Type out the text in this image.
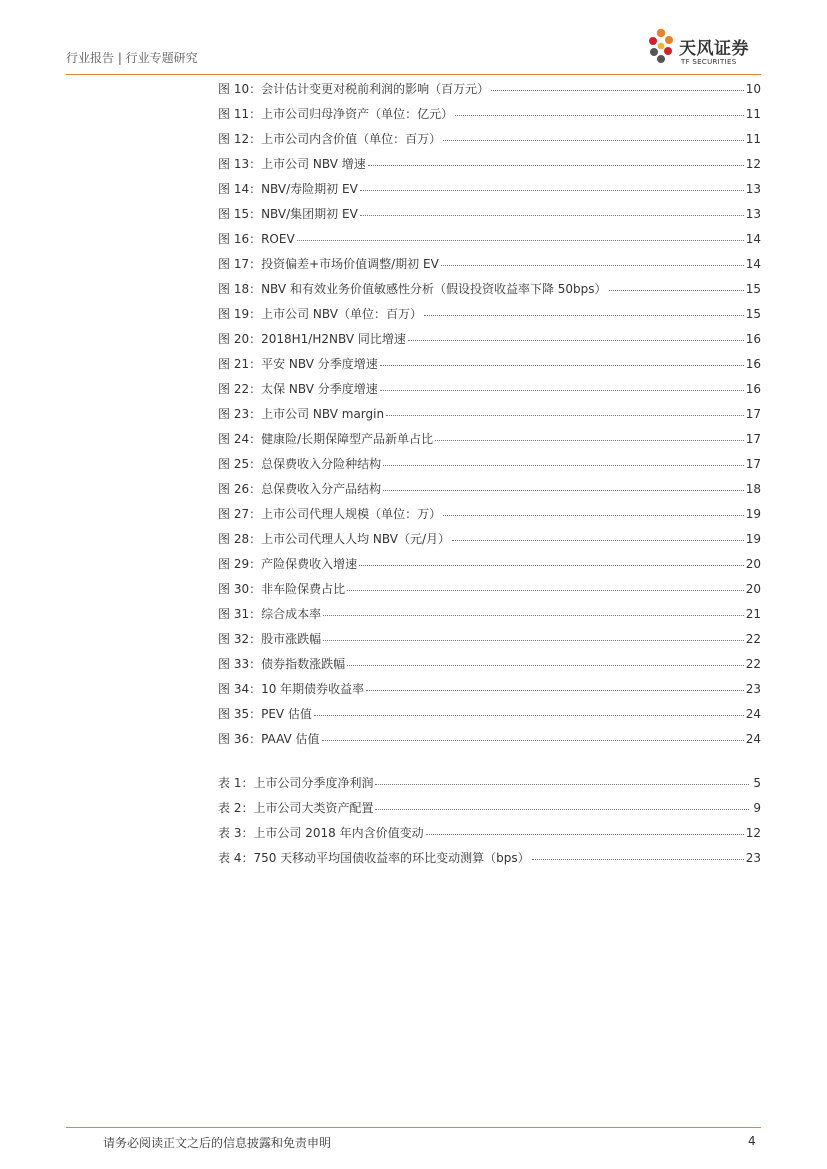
行业报告 | 行业专题研究	天风证券
TF SECURITIES
图 10：会计估计变更对税前利润的影响（百万元）	10
图 11：上市公司归母净资产（单位：亿元）	11
图 12：上市公司内含价值（单位：百万）	11
图 13：上市公司 NBV 增速	12
图 14：NBV/寿险期初 EV	13
图 15：NBV/集团期初 EV	13
图 16：ROEV	14
图 17：投资偏差+市场价值调整/期初 EV	14
图 18：NBV 和有效业务价值敏感性分析（假设投资收益率下降 50bps）	15
图 19：上市公司 NBV（单位：百万）	15
图 20：2018H1/H2NBV 同比增速	16
图 21：平安 NBV 分季度增速	16
图 22：太保 NBV 分季度增速	16
图 23：上市公司 NBV margin	17
图 24：健康险/长期保障型产品新单占比	17
图 25：总保费收入分险种结构	17
图 26：总保费收入分产品结构	18
图 27：上市公司代理人规模（单位：万）	19
图 28：上市公司代理人人均 NBV（元/月）	19
图 29：产险保费收入增速	20
图 30：非车险保费占比	20
图 31：综合成本率	21
图 32：股市涨跌幅	22
图 33：债券指数涨跌幅	22
图 34：10 年期债券收益率	23
图 35：PEV 估值	24
图 36：PAAV 估值	24
表 1：上市公司分季度净利润	5
表 2：上市公司大类资产配置	9
表 3：上市公司 2018 年内含价值变动	12
表 4：750 天移动平均国债收益率的环比变动测算（bps）	23
请务必阅读正文之后的信息披露和免责申明	4
